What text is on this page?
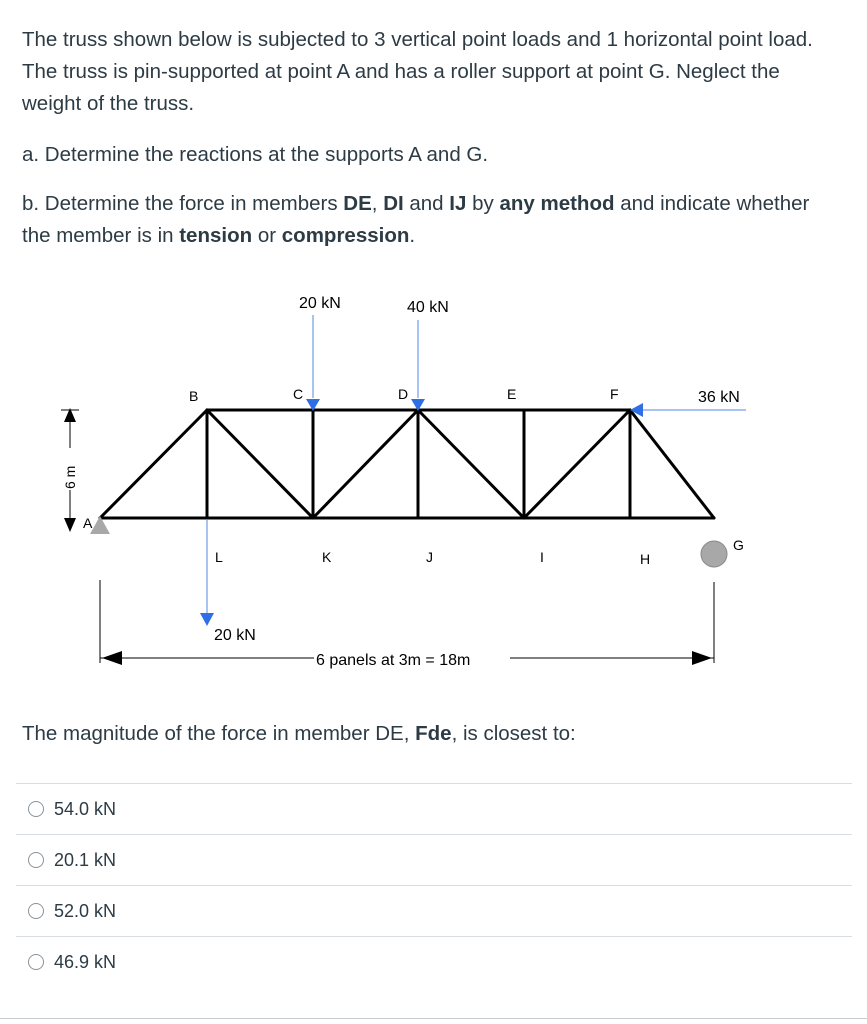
The truss shown below is subjected to 3 vertical point loads and 1 horizontal point load.
The truss is pin-supported at point A and has a roller support at point G. Neglect the
weight of the truss.
a. Determine the reactions at the supports A and G.
b. Determine the force in members DE, DI and IJ by any method and indicate whether
the member is in tension or compression.
A
B	C	D	E	F
G
H
I
J
K
L
20 kN	40 kN
20 kN
36 kN
6 m
6 panels at 3m = 18m
The magnitude of the force in member DE, Fde, is closest to:
54.0 kN
20.1 kN
52.0 kN
46.9 kN
